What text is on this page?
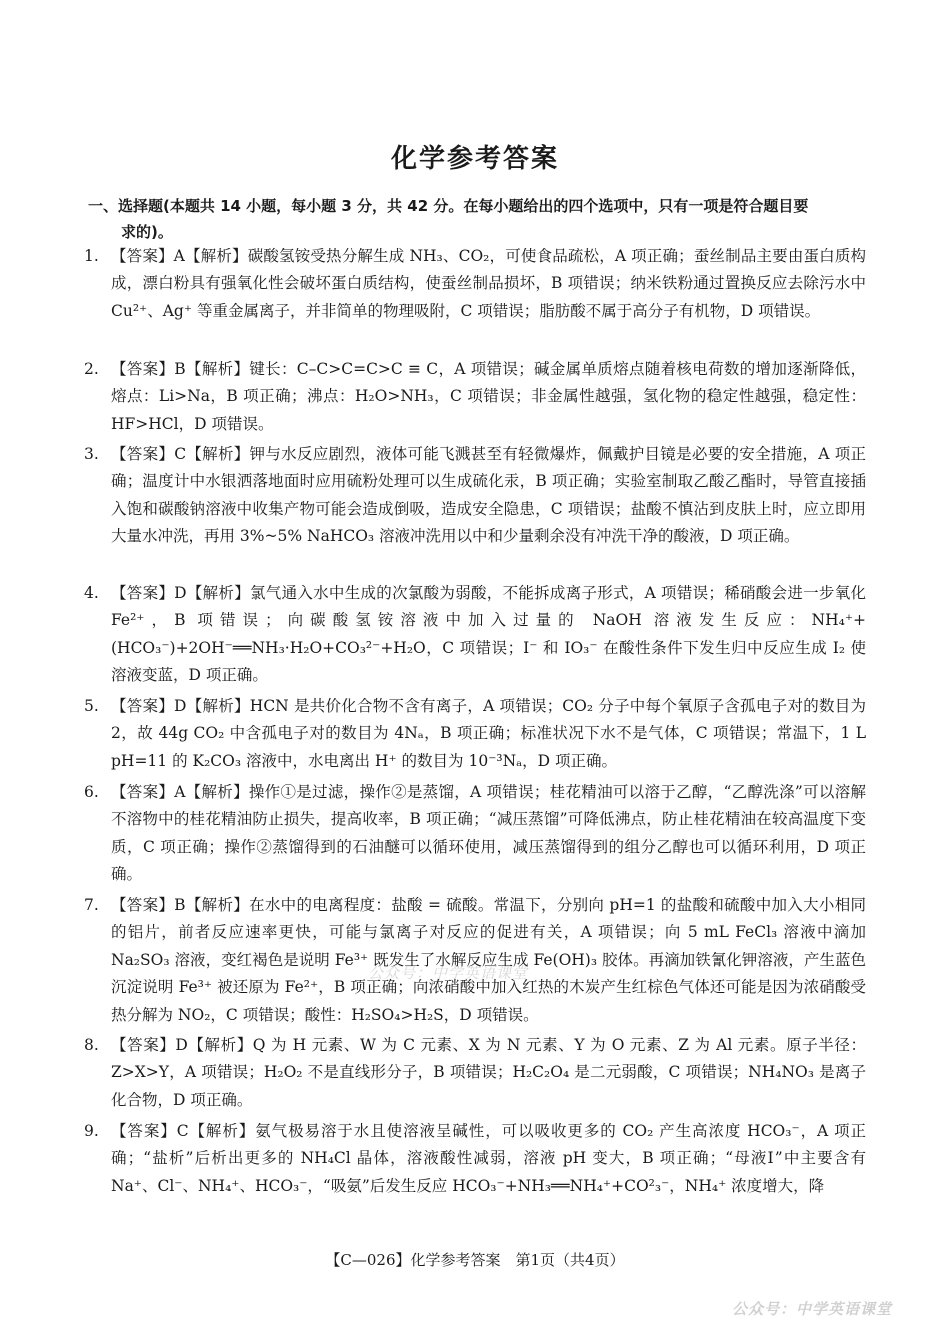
化学参考答案
一、选择题(本题共 14 小题，每小题 3 分，共 42 分。在每小题给出的四个选项中，只有一项是符合题目要
求的)。
1. 【答案】A【解析】碳酸氢铵受热分解生成 NH₃、CO₂，可使食品疏松，A 项正确；蚕丝制品主要由蛋白质构成，漂白粉具有强氧化性会破坏蛋白质结构，使蚕丝制品损坏，B 项错误；纳米铁粉通过置换反应去除污水中 Cu²⁺、Ag⁺ 等重金属离子，并非简单的物理吸附，C 项错误；脂肪酸不属于高分子有机物，D 项错误。
2. 【答案】B【解析】键长：C–C>C=C>C ≡ C，A 项错误；碱金属单质熔点随着核电荷数的增加逐渐降低，熔点：Li>Na，B 项正确；沸点：H₂O>NH₃，C 项错误；非金属性越强，氢化物的稳定性越强，稳定性：HF>HCl，D 项错误。
3. 【答案】C【解析】钾与水反应剧烈，液体可能飞溅甚至有轻微爆炸，佩戴护目镜是必要的安全措施，A 项正确；温度计中水银洒落地面时应用硫粉处理可以生成硫化汞，B 项正确；实验室制取乙酸乙酯时，导管直接插入饱和碳酸钠溶液中收集产物可能会造成倒吸，造成安全隐患，C 项错误；盐酸不慎沾到皮肤上时，应立即用大量水冲洗，再用 3%~5% NaHCO₃ 溶液冲洗用以中和少量剩余没有冲洗干净的酸液，D 项正确。
4. 【答案】D【解析】氯气通入水中生成的次氯酸为弱酸，不能拆成离子形式，A 项错误；稀硝酸会进一步氧化 Fe²⁺，B 项错误；向碳酸氢铵溶液中加入过量的 NaOH 溶液发生反应：NH₄⁺+(HCO₃⁻)+2OH⁻══NH₃·H₂O+CO₃²⁻+H₂O，C 项错误；I⁻ 和 IO₃⁻ 在酸性条件下发生归中反应生成 I₂ 使溶液变蓝，D 项正确。
5. 【答案】D【解析】HCN 是共价化合物不含有离子，A 项错误；CO₂ 分子中每个氧原子含孤电子对的数目为 2，故 44g CO₂ 中含孤电子对的数目为 4Nₐ，B 项正确；标准状况下水不是气体，C 项错误；常温下，1 L pH=11 的 K₂CO₃ 溶液中，水电离出 H⁺ 的数目为 10⁻³Nₐ，D 项正确。
6. 【答案】A【解析】操作①是过滤，操作②是蒸馏，A 项错误；桂花精油可以溶于乙醇，“乙醇洗涤”可以溶解不溶物中的桂花精油防止损失，提高收率，B 项正确；“减压蒸馏”可降低沸点，防止桂花精油在较高温度下变质，C 项正确；操作②蒸馏得到的石油醚可以循环使用，减压蒸馏得到的组分乙醇也可以循环利用，D 项正确。
7. 【答案】B【解析】在水中的电离程度：盐酸 = 硫酸。常温下，分别向 pH=1 的盐酸和硫酸中加入大小相同的铝片，前者反应速率更快，可能与氯离子对反应的促进有关，A 项错误；向 5 mL FeCl₃ 溶液中滴加 Na₂SO₃ 溶液，变红褐色是说明 Fe³⁺ 既发生了水解反应生成 Fe(OH)₃ 胶体。再滴加铁氰化钾溶液，产生蓝色沉淀说明 Fe³⁺ 被还原为 Fe²⁺，B 项正确；向浓硝酸中加入红热的木炭产生红棕色气体还可能是因为浓硝酸受热分解为 NO₂，C 项错误；酸性：H₂SO₄>H₂S，D 项错误。
8. 【答案】D【解析】Q 为 H 元素、W 为 C 元素、X 为 N 元素、Y 为 O 元素、Z 为 Al 元素。原子半径：Z>X>Y，A 项错误；H₂O₂ 不是直线形分子，B 项错误；H₂C₂O₄ 是二元弱酸，C 项错误；NH₄NO₃ 是离子化合物，D 项正确。
9. 【答案】C【解析】氨气极易溶于水且使溶液呈碱性，可以吸收更多的 CO₂ 产生高浓度 HCO₃⁻，A 项正确；“盐析”后析出更多的 NH₄Cl 晶体，溶液酸性减弱，溶液 pH 变大，B 项正确；“母液Ⅰ”中主要含有 Na⁺、Cl⁻、NH₄⁺、HCO₃⁻，“吸氨”后发生反应 HCO₃⁻+NH₃══NH₄⁺+CO²₃⁻，NH₄⁺ 浓度增大，降
公众号：中学英语课堂
【C—026】化学参考答案　第1页（共4页）
公众号：中学英语课堂
